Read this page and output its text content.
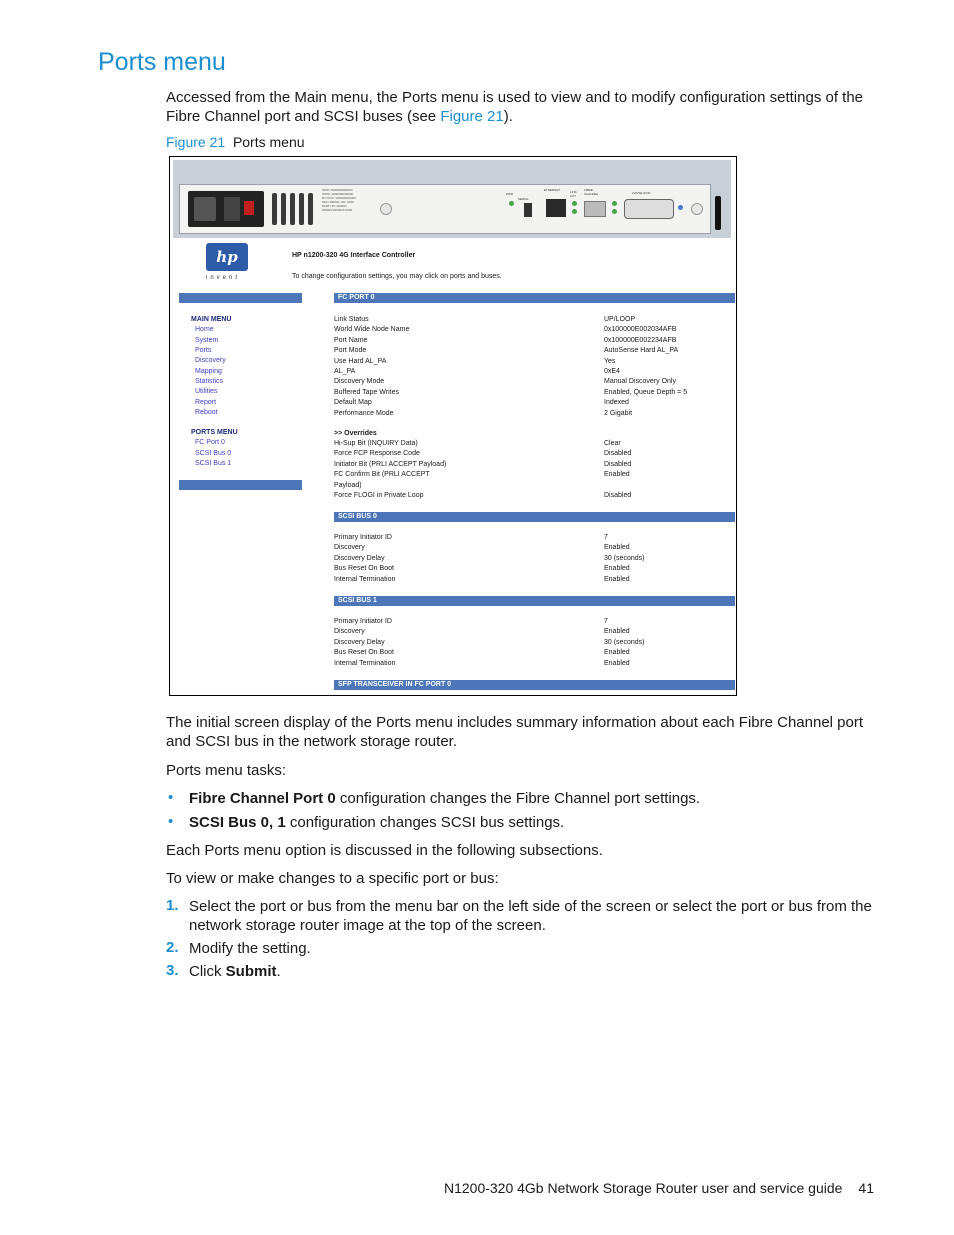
Ports menu
Accessed from the Main menu, the Ports menu is used to view and to modify configuration settings of the Fibre Channel port and SCSI buses (see Figure 21).
Figure 21 Ports menu
SPDI: 0000000000000
WWN: 1000000000000
DC7XXX: 000000000000
MFG SERIAL NO: 0000
PART NO: 000000
000000 0000000 0000
PWR
SERIAL
ETHERNET	LINK ACT
FIBRE CHANNEL	LVD/SE SCSI
hp
invent
HP n1200-320 4G Interface Controller
To change configuration settings, you may click on ports and buses.
MAIN MENU
Home
System
Ports
Discovery
Mapping
Statistics
Utilities
Report
Reboot
PORTS MENU
FC Port 0
SCSI Bus 0
SCSI Bus 1
FC PORT 0
Link Status	UP/LOOP
World Wide Node Name	0x100000E002034AFB
Port Name	0x100000E002234AFB
Port Mode	AutoSense Hard AL_PA
Use Hard AL_PA	Yes
AL_PA	0xE4
Discovery Mode	Manual Discovery Only
Buffered Tape Writes	Enabled, Queue Depth = 5
Default Map	Indexed
Performance Mode	2 Gigabit
>> Overrides
Hi-Sup Bit (INQUIRY Data)	Clear
Force FCP Response Code	Disabled
Initiator Bit (PRLI ACCEPT Payload)	Disabled
FC Confirm Bit (PRLI ACCEPT	Enabled
Payload)
Force FLOGI in Private Loop	Disabled
SCSI BUS 0
Primary Initiator ID	7
Discovery	Enabled
Discovery Delay	30 (seconds)
Bus Reset On Boot	Enabled
Internal Termination	Enabled
SCSI BUS 1
Primary Initiator ID	7
Discovery	Enabled
Discovery Delay	30 (seconds)
Bus Reset On Boot	Enabled
Internal Termination	Enabled
SFP TRANSCEIVER IN FC PORT 0
The initial screen display of the Ports menu includes summary information about each Fibre Channel port and SCSI bus in the network storage router.
Ports menu tasks:
• Fibre Channel Port 0 configuration changes the Fibre Channel port settings.
• SCSI Bus 0, 1 configuration changes SCSI bus settings.
Each Ports menu option is discussed in the following subsections.
To view or make changes to a specific port or bus:
1. Select the port or bus from the menu bar on the left side of the screen or select the port or bus from the network storage router image at the top of the screen.
2. Modify the setting.
3. Click Submit.
N1200-320 4Gb Network Storage Router user and service guide 41
